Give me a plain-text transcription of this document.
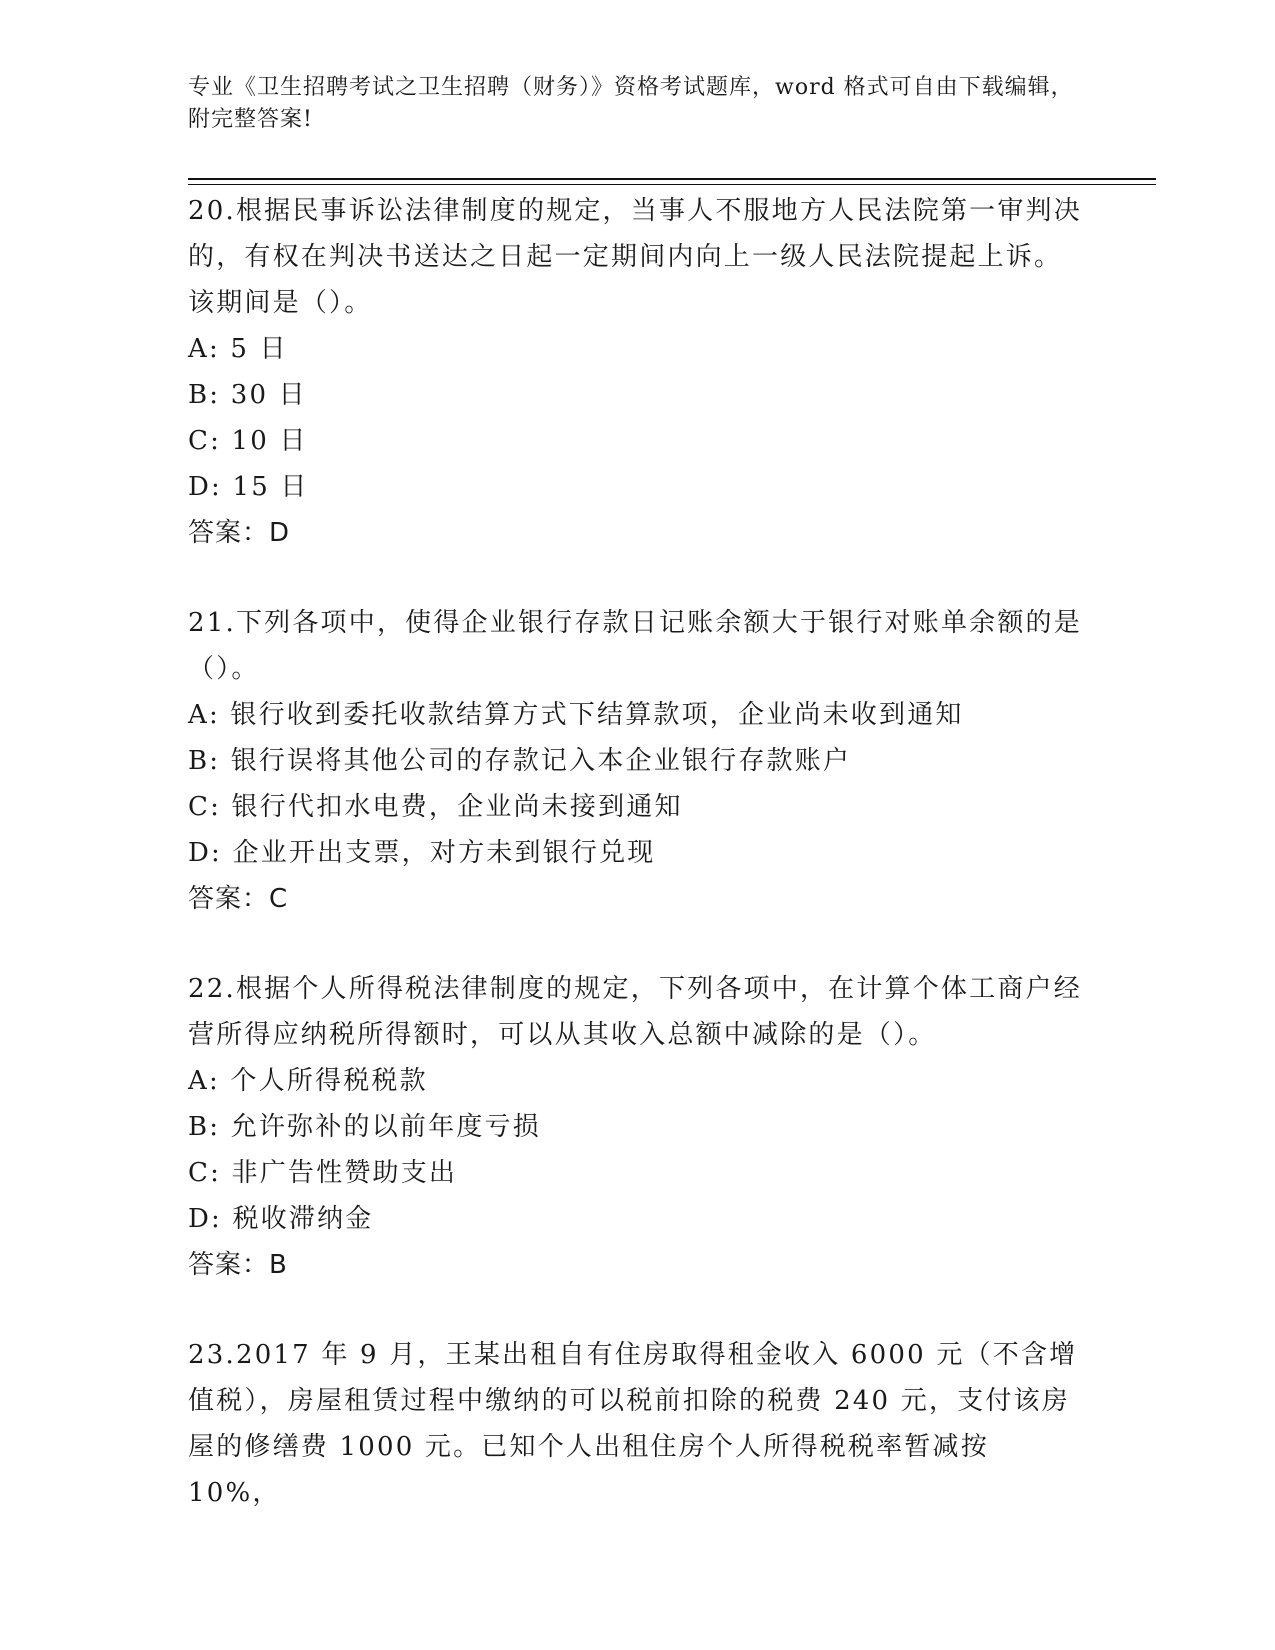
专业《卫生招聘考试之卫生招聘（财务）》资格考试题库，word 格式可自由下载编辑，附完整答案!
20.根据民事诉讼法律制度的规定，当事人不服地方人民法院第一审判决的，有权在判决书送达之日起一定期间内向上一级人民法院提起上诉。该期间是（）。
A: 5 日
B: 30 日
C: 10 日
D: 15 日
答案：D
21.下列各项中，使得企业银行存款日记账余额大于银行对账单余额的是（）。
A: 银行收到委托收款结算方式下结算款项，企业尚未收到通知
B: 银行误将其他公司的存款记入本企业银行存款账户
C: 银行代扣水电费，企业尚未接到通知
D: 企业开出支票，对方未到银行兑现
答案：C
22.根据个人所得税法律制度的规定，下列各项中，在计算个体工商户经营所得应纳税所得额时，可以从其收入总额中减除的是（）。
A: 个人所得税税款
B: 允许弥补的以前年度亏损
C: 非广告性赞助支出
D: 税收滞纳金
答案：B
23.2017 年 9 月，王某出租自有住房取得租金收入 6000 元（不含增值税），房屋租赁过程中缴纳的可以税前扣除的税费 240 元，支付该房屋的修缮费 1000 元。已知个人出租住房个人所得税税率暂减按 10%，
